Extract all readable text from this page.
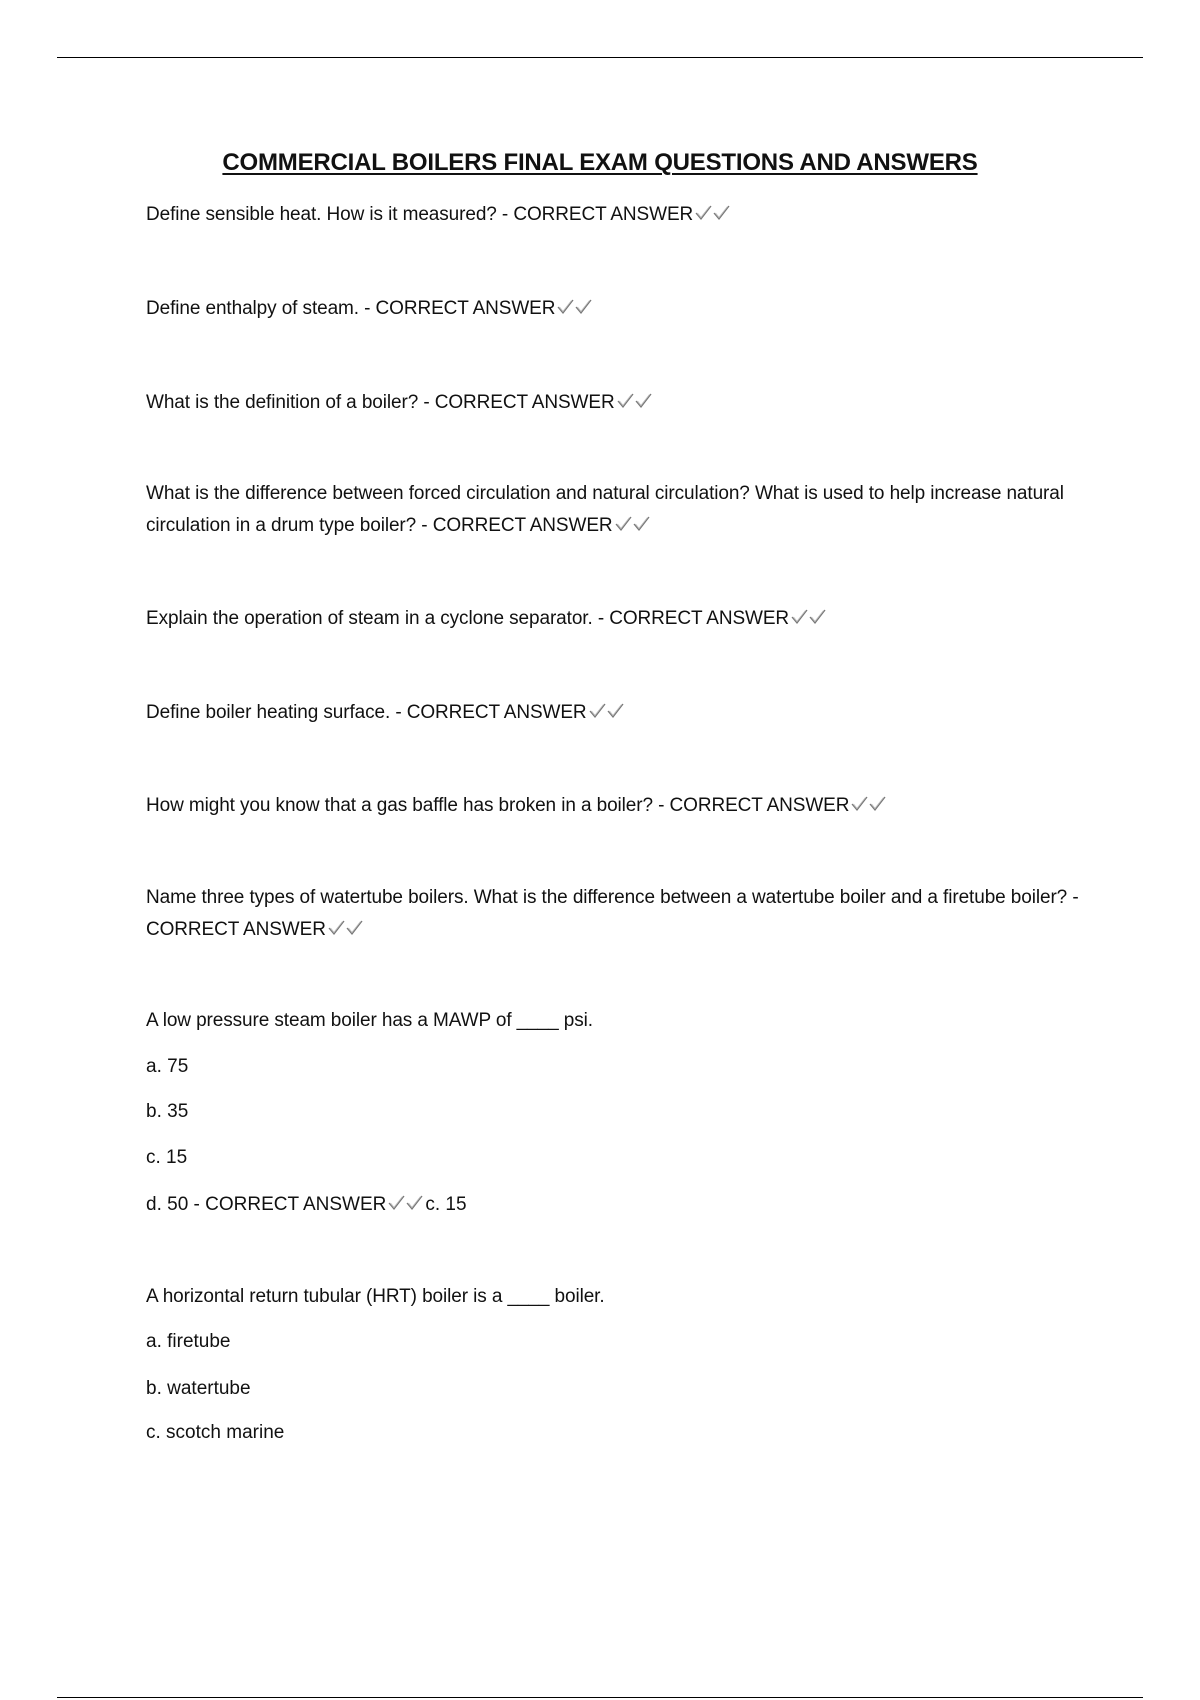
COMMERCIAL BOILERS FINAL EXAM QUESTIONS AND ANSWERS
Define sensible heat. How is it measured? - CORRECT ANSWER
Define enthalpy of steam. - CORRECT ANSWER
What is the definition of a boiler? - CORRECT ANSWER
What is the difference between forced circulation and natural circulation? What is used to help increase natural circulation in a drum type boiler? - CORRECT ANSWER
Explain the operation of steam in a cyclone separator. - CORRECT ANSWER
Define boiler heating surface. - CORRECT ANSWER
How might you know that a gas baffle has broken in a boiler? - CORRECT ANSWER
Name three types of watertube boilers. What is the difference between a watertube boiler and a firetube boiler? - CORRECT ANSWER
A low pressure steam boiler has a MAWP of ____ psi.
a. 75
b. 35
c. 15
d. 50 - CORRECT ANSWER c. 15
A horizontal return tubular (HRT) boiler is a ____ boiler.
a. firetube
b. watertube
c. scotch marine
